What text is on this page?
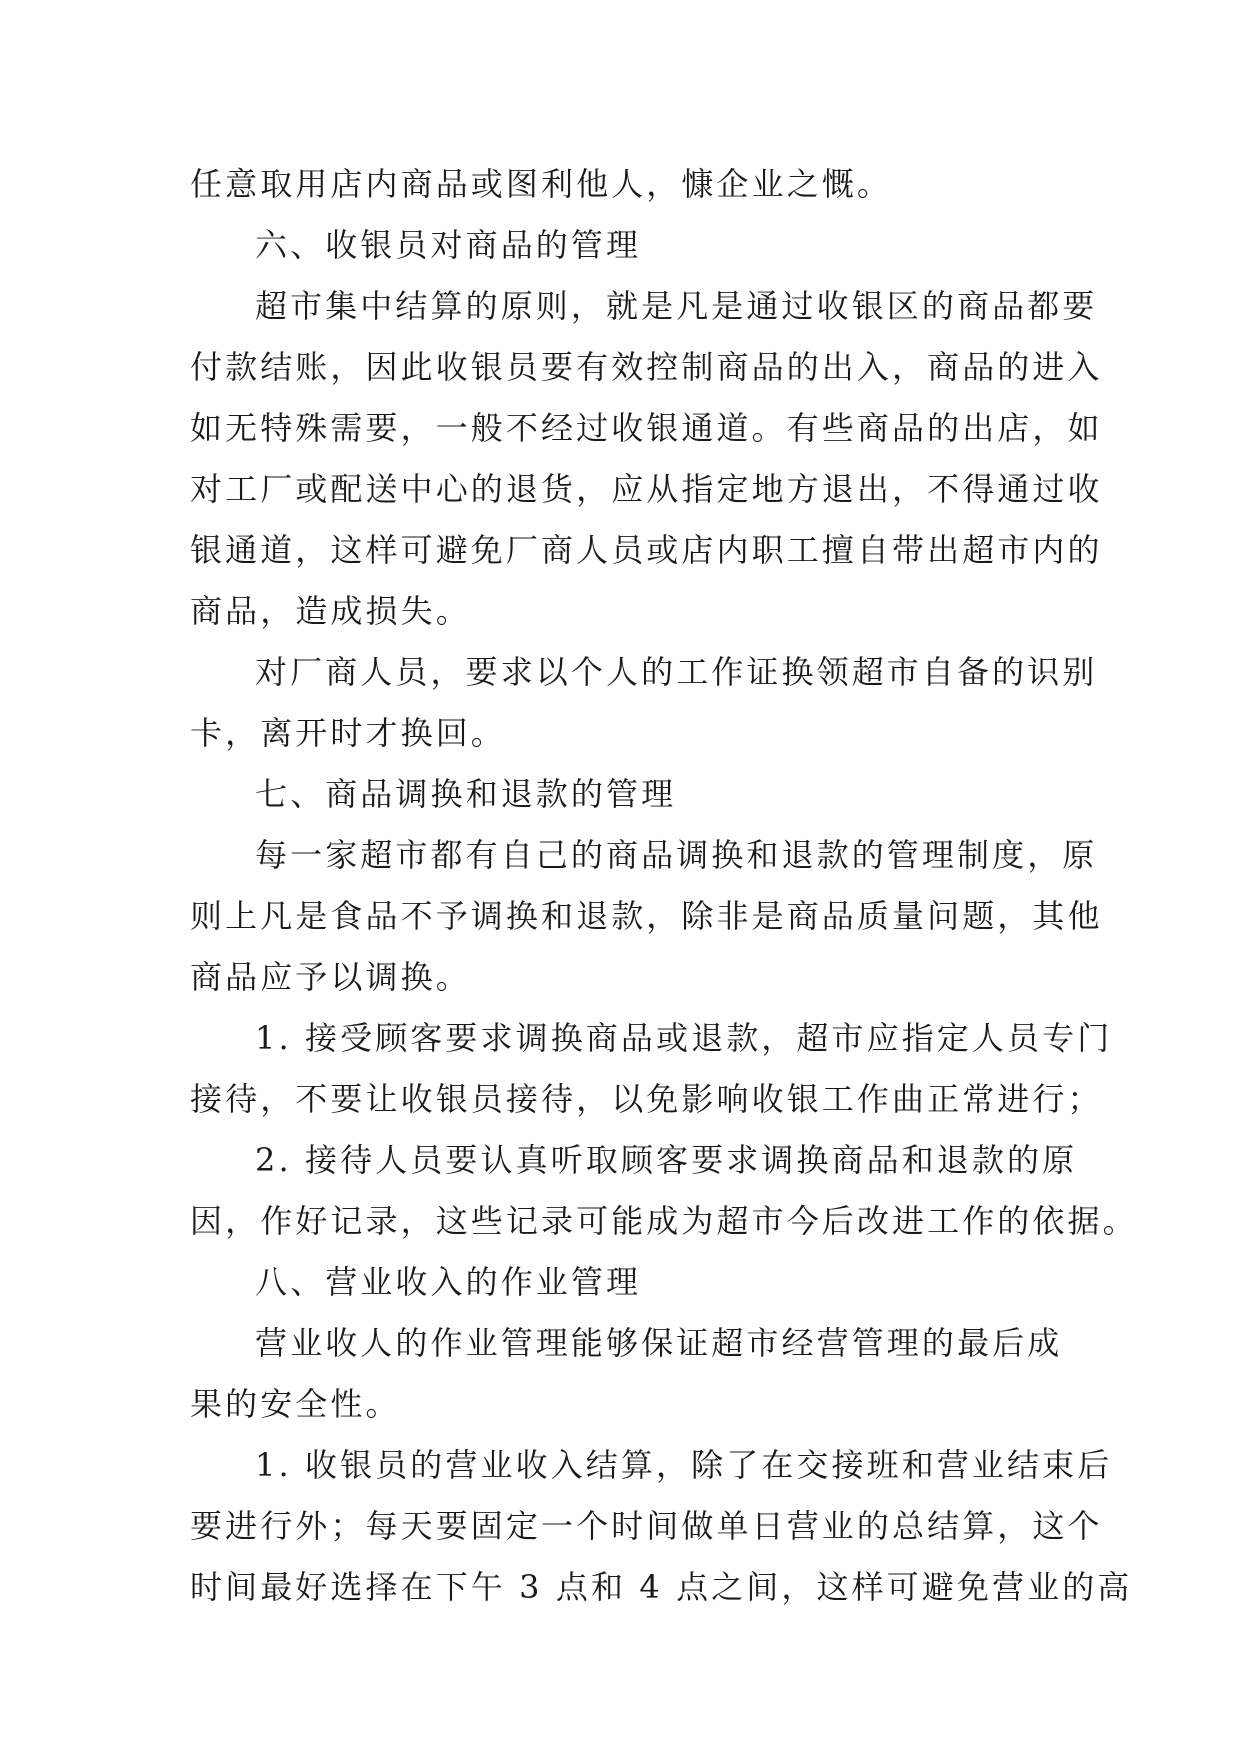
任意取用店内商品或图利他人，慷企业之慨。
六、收银员对商品的管理
超市集中结算的原则，就是凡是通过收银区的商品都要
付款结账，因此收银员要有效控制商品的出入，商品的进入
如无特殊需要，一般不经过收银通道。有些商品的出店，如
对工厂或配送中心的退货，应从指定地方退出，不得通过收
银通道，这样可避免厂商人员或店内职工擅自带出超市内的
商品，造成损失。
对厂商人员，要求以个人的工作证换领超市自备的识别
卡，离开时才换回。
七、商品调换和退款的管理
每一家超市都有自己的商品调换和退款的管理制度，原
则上凡是食品不予调换和退款，除非是商品质量问题，其他
商品应予以调换。
1. 接受顾客要求调换商品或退款，超市应指定人员专门
接待，不要让收银员接待，以免影响收银工作曲正常进行；
2. 接待人员要认真听取顾客要求调换商品和退款的原
因，作好记录，这些记录可能成为超市今后改进工作的依据。
八、营业收入的作业管理
营业收人的作业管理能够保证超市经营管理的最后成
果的安全性。
1. 收银员的营业收入结算，除了在交接班和营业结束后
要进行外；每天要固定一个时间做单日营业的总结算，这个
时间最好选择在下午 3 点和 4 点之间，这样可避免营业的高
